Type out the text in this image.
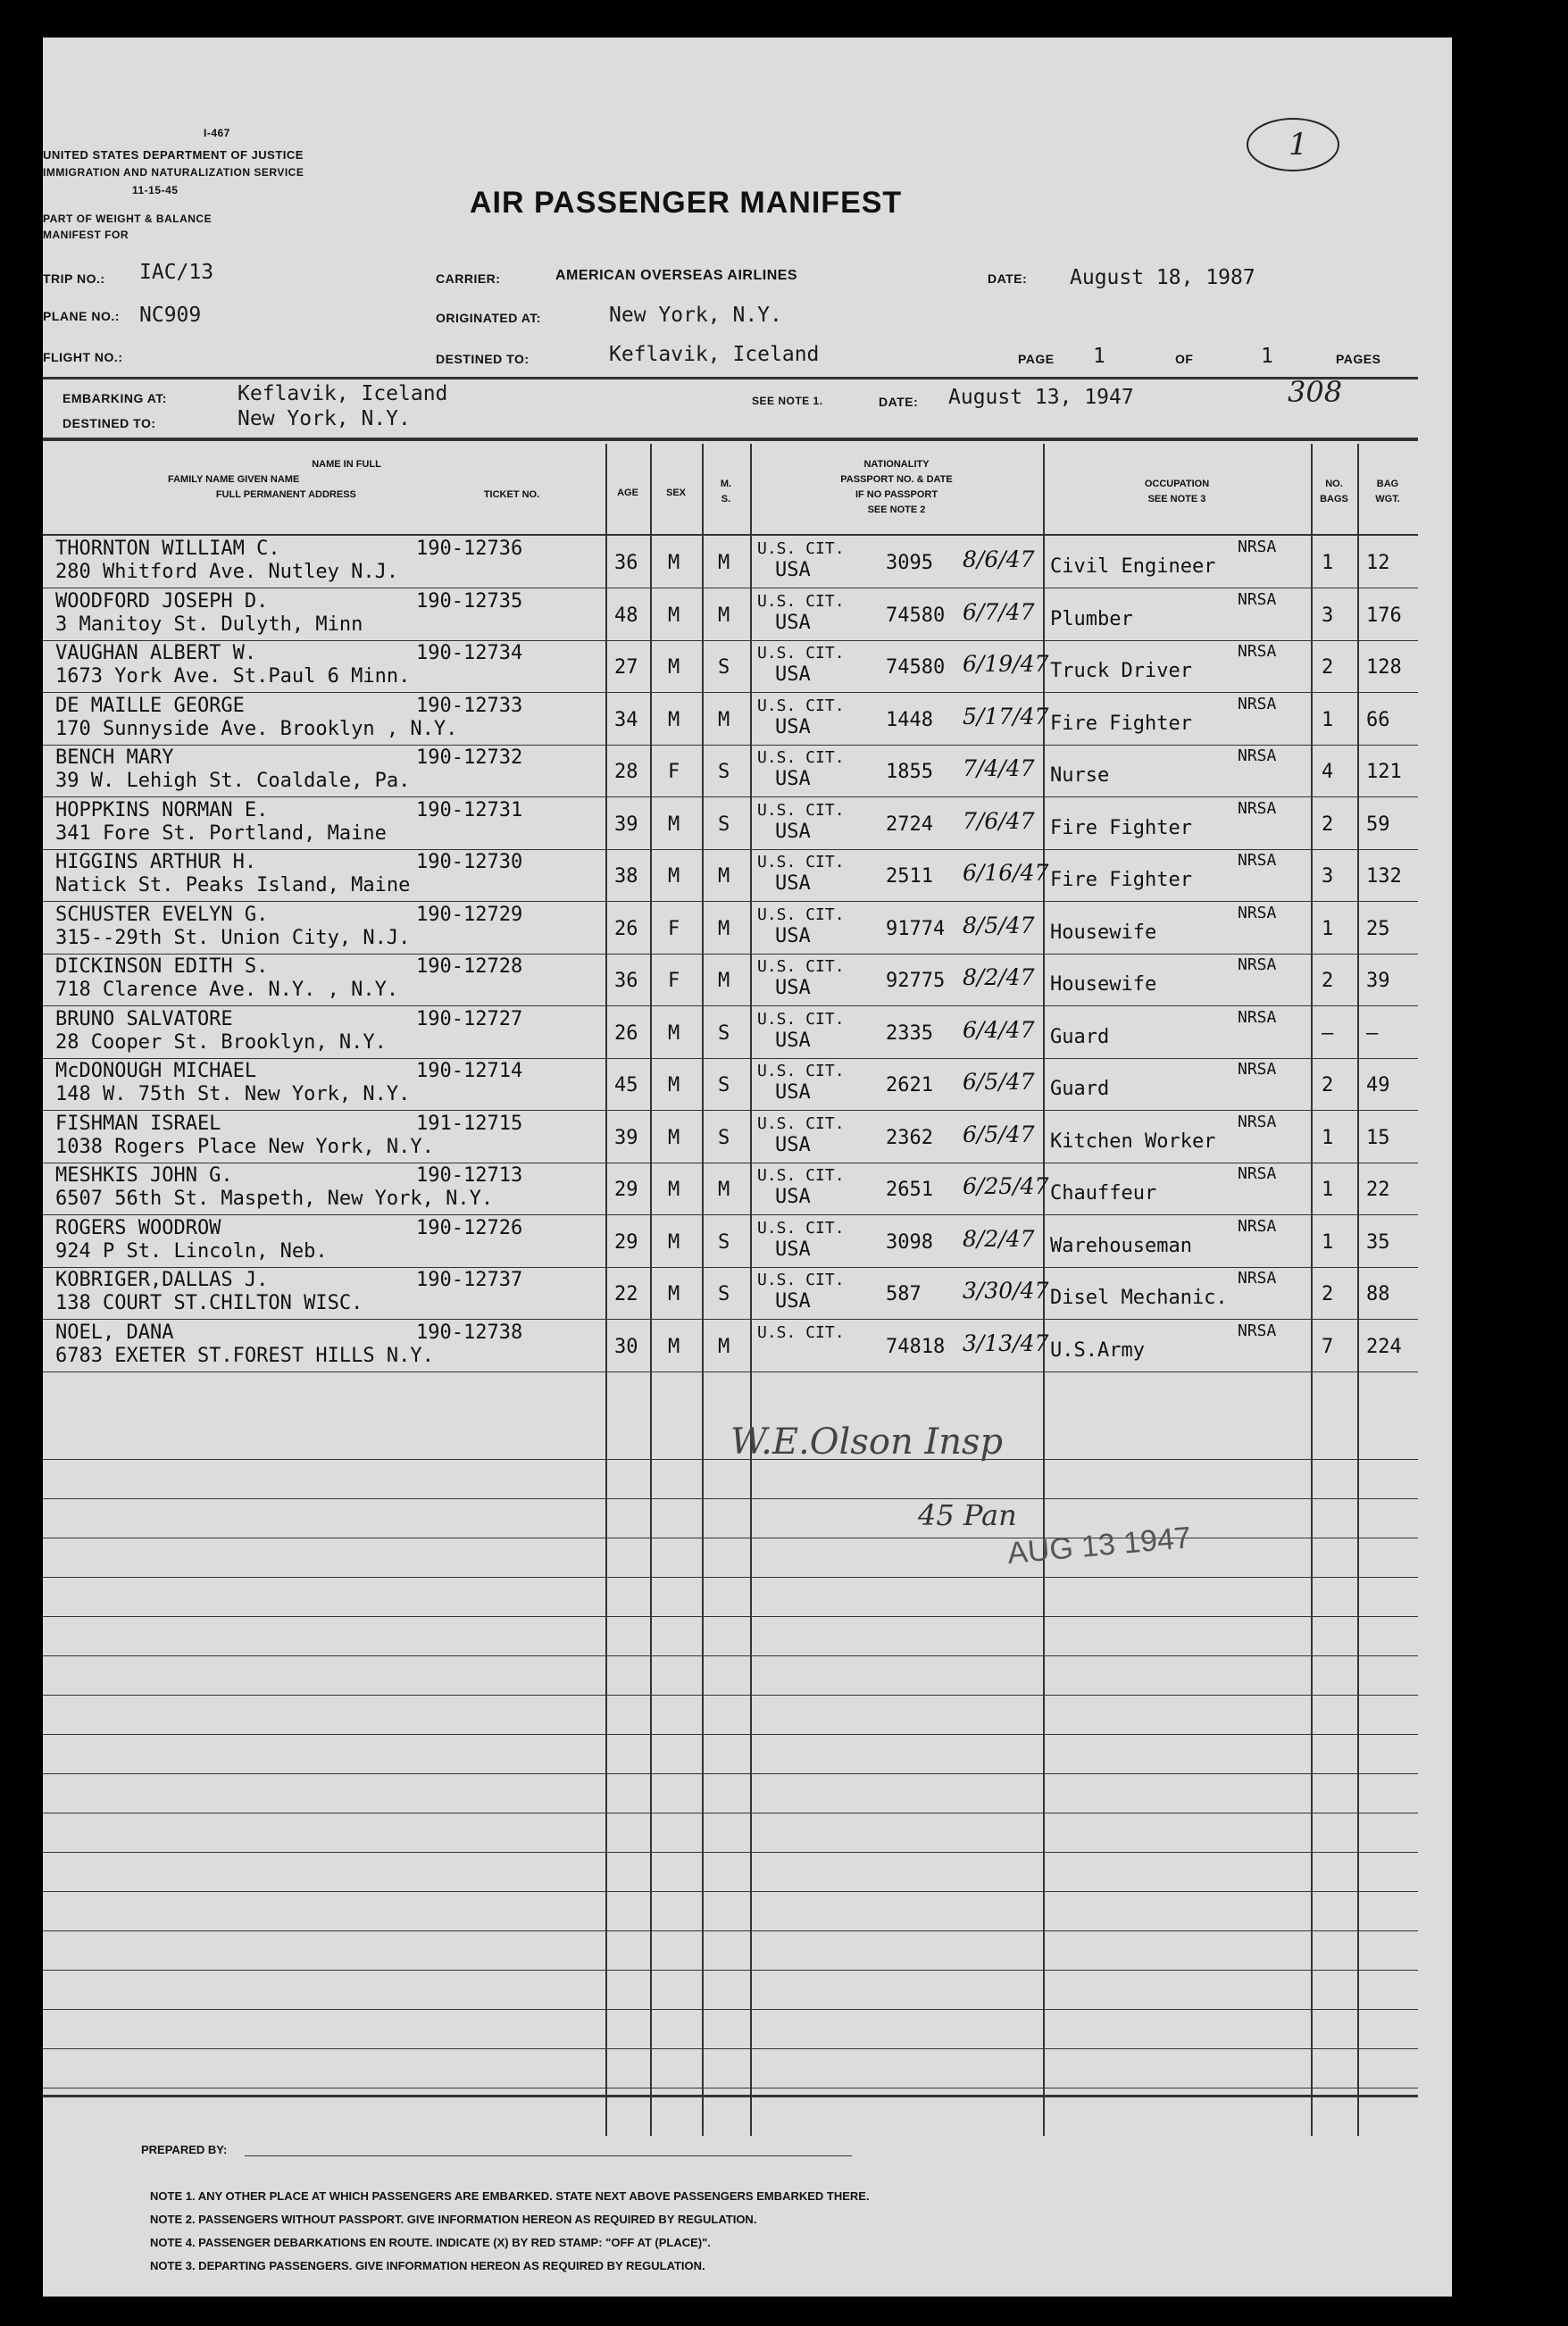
I-467
UNITED STATES DEPARTMENT OF JUSTICE
IMMIGRATION AND NATURALIZATION SERVICE
11-15-45
PART OF WEIGHT & BALANCE
MANIFEST FOR
AIR PASSENGER MANIFEST
1
TRIP NO.: IAC/13
PLANE NO.: NC909
FLIGHT NO.:
CARRIER:	AMERICAN OVERSEAS AIRLINES
ORIGINATED AT:	New York, N.Y.
DESTINED TO:	Keflavik, Iceland
DATE: August 18, 1987
PAGE 1	OF	1	PAGES
EMBARKING AT:	Keflavik, Iceland
DESTINED TO:	New York, N.Y.
SEE NOTE 1.	DATE: August 13, 1947	308
NAME IN FULL
FAMILY NAME GIVEN NAME
FULL PERMANENT ADDRESS	TICKET NO.	AGE	SEX
M.
S.
NATIONALITY
PASSPORT NO. & DATE
IF NO PASSPORT
SEE NOTE 2
OCCUPATION
SEE NOTE 3
NO.
BAGS
BAG
WGT.
THORNTON WILLIAM C.	190-12736
280 Whitford Ave. Nutley N.J.	36 M M
U.S. CIT.
USA	3095 8/6/47 Civil Engineer
NRSA
1 12
WOODFORD JOSEPH D.	190-12735
3 Manitoy St. Dulyth, Minn	48 M M
U.S. CIT.
USA	74580 6/7/47 Plumber
NRSA
3 176
VAUGHAN ALBERT W.	190-12734
1673 York Ave. St.Paul 6 Minn.	27 M S
U.S. CIT.
USA	74580 6/19/47 Truck Driver
NRSA
2 128
DE MAILLE GEORGE	190-12733
170 Sunnyside Ave. Brooklyn , N.Y.	34 M M
U.S. CIT.
USA	1448 5/17/47 Fire Fighter
NRSA
1 66
BENCH MARY	190-12732
39 W. Lehigh St. Coaldale, Pa.	28 F S
U.S. CIT.
USA	1855 7/4/47 Nurse
NRSA
4 121
HOPPKINS NORMAN E.	190-12731
341 Fore St. Portland, Maine	39 M S
U.S. CIT.
USA	2724 7/6/47 Fire Fighter
NRSA
2 59
HIGGINS ARTHUR H.	190-12730
Natick St. Peaks Island, Maine	38 M M
U.S. CIT.
USA	2511 6/16/47 Fire Fighter
NRSA
3 132
SCHUSTER EVELYN G.	190-12729
315--29th St. Union City, N.J.	26 F M
U.S. CIT.
USA	91774 8/5/47 Housewife
NRSA
1 25
DICKINSON EDITH S.	190-12728
718 Clarence Ave. N.Y. , N.Y.	36 F M
U.S. CIT.
USA	92775 8/2/47 Housewife
NRSA
2 39
BRUNO SALVATORE	190-12727
28 Cooper St. Brooklyn, N.Y.	26 M S
U.S. CIT.
USA	2335 6/4/47 Guard
NRSA
— —
McDONOUGH MICHAEL	190-12714
148 W. 75th St. New York, N.Y.	45 M S
U.S. CIT.
USA	2621 6/5/47 Guard
NRSA
2 49
FISHMAN ISRAEL	191-12715
1038 Rogers Place New York, N.Y.	39 M S
U.S. CIT.
USA	2362 6/5/47 Kitchen Worker
NRSA
1 15
MESHKIS JOHN G.	190-12713
6507 56th St. Maspeth, New York, N.Y.	29 M M
U.S. CIT.
USA	2651 6/25/47 Chauffeur
NRSA
1 22
ROGERS WOODROW	190-12726
924 P St. Lincoln, Neb.	29 M S
U.S. CIT.
USA	3098 8/2/47 Warehouseman
NRSA
1 35
KOBRIGER,DALLAS J.	190-12737
138 COURT ST.CHILTON WISC.	22 M S
U.S. CIT.
USA	587 3/30/47 Disel Mechanic.
NRSA
2 88
NOEL, DANA	190-12738
6783 EXETER ST.FOREST HILLS N.Y.	30 M M
U.S. CIT.
74818 3/13/47 U.S.Army
NRSA
7 224
W.E.Olson Insp
45 Pan
AUG 13 1947
PREPARED BY:
NOTE 1. ANY OTHER PLACE AT WHICH PASSENGERS ARE EMBARKED. STATE NEXT ABOVE PASSENGERS EMBARKED THERE.
NOTE 2. PASSENGERS WITHOUT PASSPORT. GIVE INFORMATION HEREON AS REQUIRED BY REGULATION.
NOTE 4. PASSENGER DEBARKATIONS EN ROUTE. INDICATE (X) BY RED STAMP: "OFF AT (PLACE)".
NOTE 3. DEPARTING PASSENGERS. GIVE INFORMATION HEREON AS REQUIRED BY REGULATION.
